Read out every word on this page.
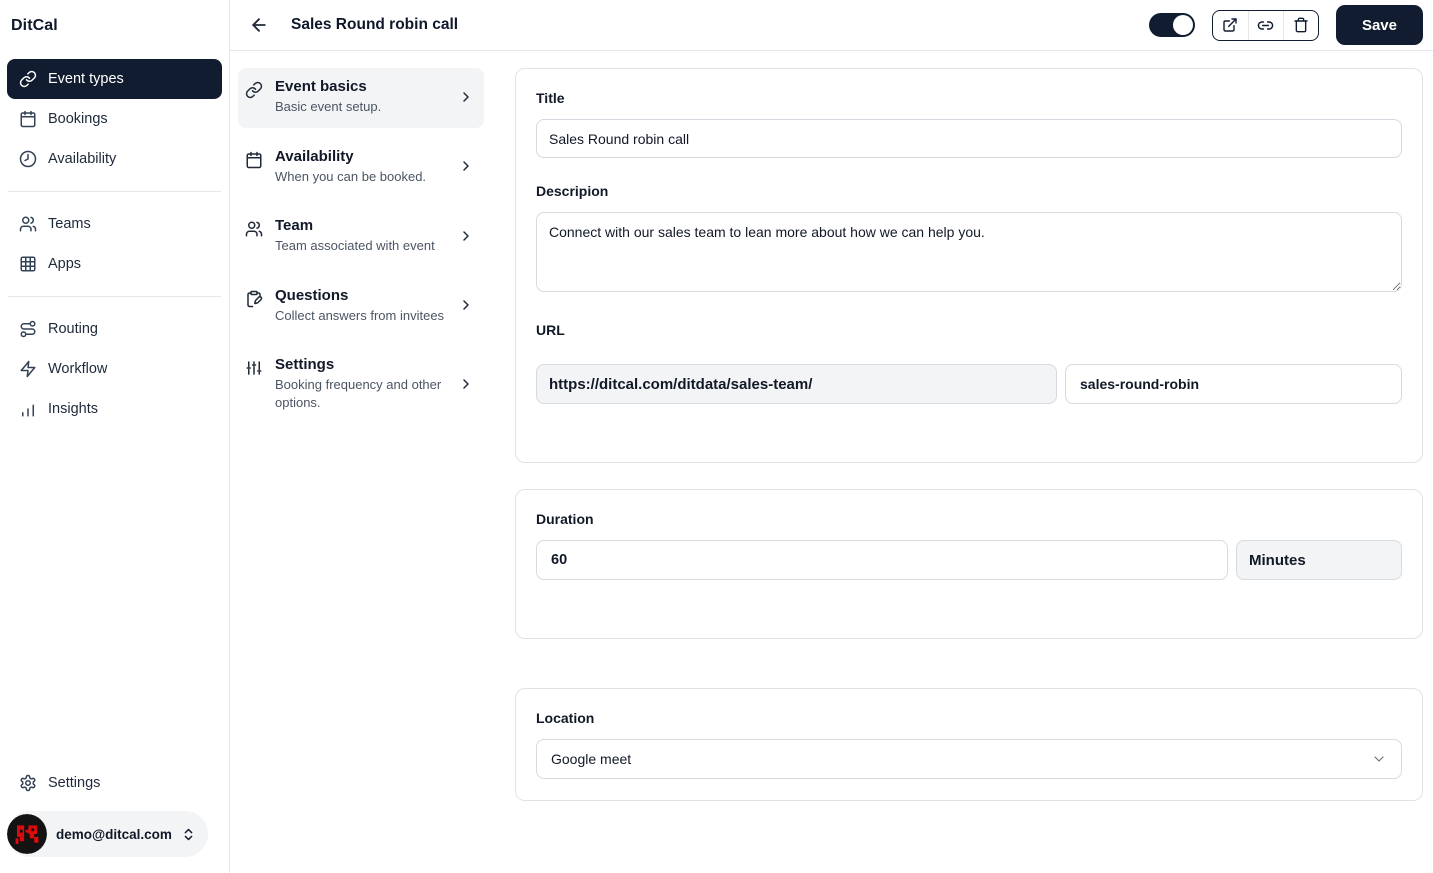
DitCal
Event types
Bookings
Availability
Teams
Apps
Routing
Workflow
Insights
Settings
demo@ditcal.com
Sales Round robin call	Save
Event basics
Basic event setup.
Availability
When you can be booked.
Team
Team associated with event
Questions
Collect answers from invitees
Settings
Booking frequency and other options.
Title
Sales Round robin call
Descripion
Connect with our sales team to lean more about how we can help you.
URL
https://ditcal.com/ditdata/sales-team/
sales-round-robin
Duration
60
Minutes
Location
Google meet
